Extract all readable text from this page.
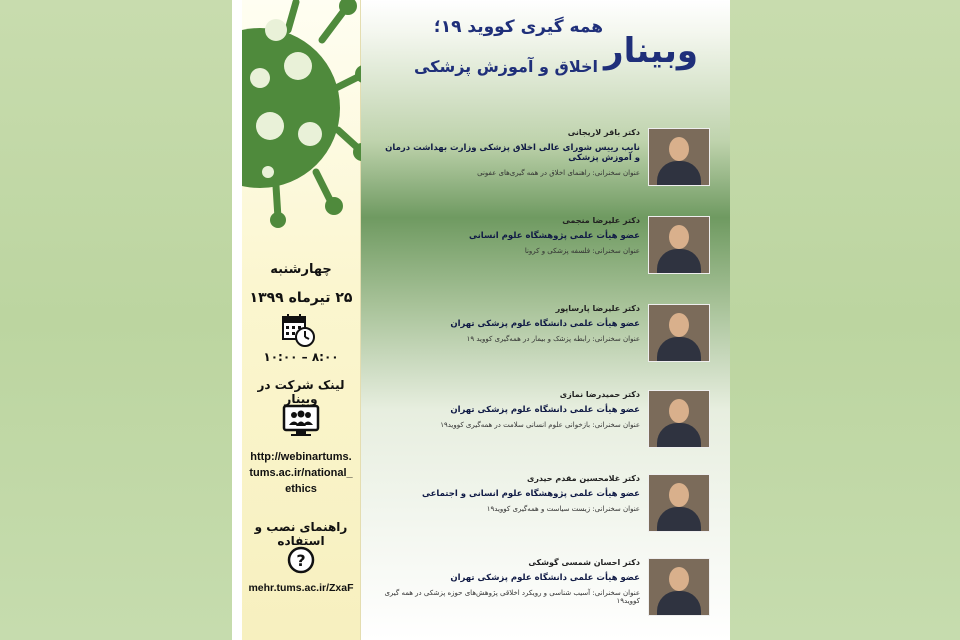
چهارشنبه
۲۵ تیرماه ۱۳۹۹
۸:۰۰ – ۱۰:۰۰
لینک شرکت در وبینار
http://webinartums.
tums.ac.ir/national_
ethics
راهنمای نصب و استفاده
?
mehr.tums.ac.ir/ZxaF
همه گیری کووید ۱۹؛
وبینار
اخلاق و آموزش پزشکی
دکتر باقر لاریجانی
نایب رییس شورای عالی اخلاق پزشکی وزارت بهداشت درمان و آموزش پزشکی
عنوان سخنرانی: راهنمای اخلاق در همه گیری‌های عفونی
دکتر علیرضا منجمی
عضو هیأت علمی پژوهشگاه علوم انسانی
عنوان سخنرانی: فلسفه پزشکی و کرونا
دکتر علیرضا پارساپور
عضو هیأت علمی دانشگاه علوم پزشکی تهران
عنوان سخنرانی: رابطه پزشک و بیمار در همه‌گیری کووید ۱۹
دکتر حمیدرضا نمازی
عضو هیأت علمی دانشگاه علوم پزشکی تهران
عنوان سخنرانی: بازخوانی علوم انسانی سلامت در همه‌گیری کووید۱۹
دکتر غلامحسین مقدم حیدری
عضو هیأت علمی پژوهشگاه علوم انسانی و اجتماعی
عنوان سخنرانی: زیست سیاست و همه‌گیری کووید۱۹
دکتر احسان شمسی گوشکی
عضو هیأت علمی دانشگاه علوم پزشکی تهران
عنوان سخنرانی: آسیب شناسی و رویکرد اخلاقی پژوهش‌های حوزه پزشکی در همه گیری کووید۱۹
